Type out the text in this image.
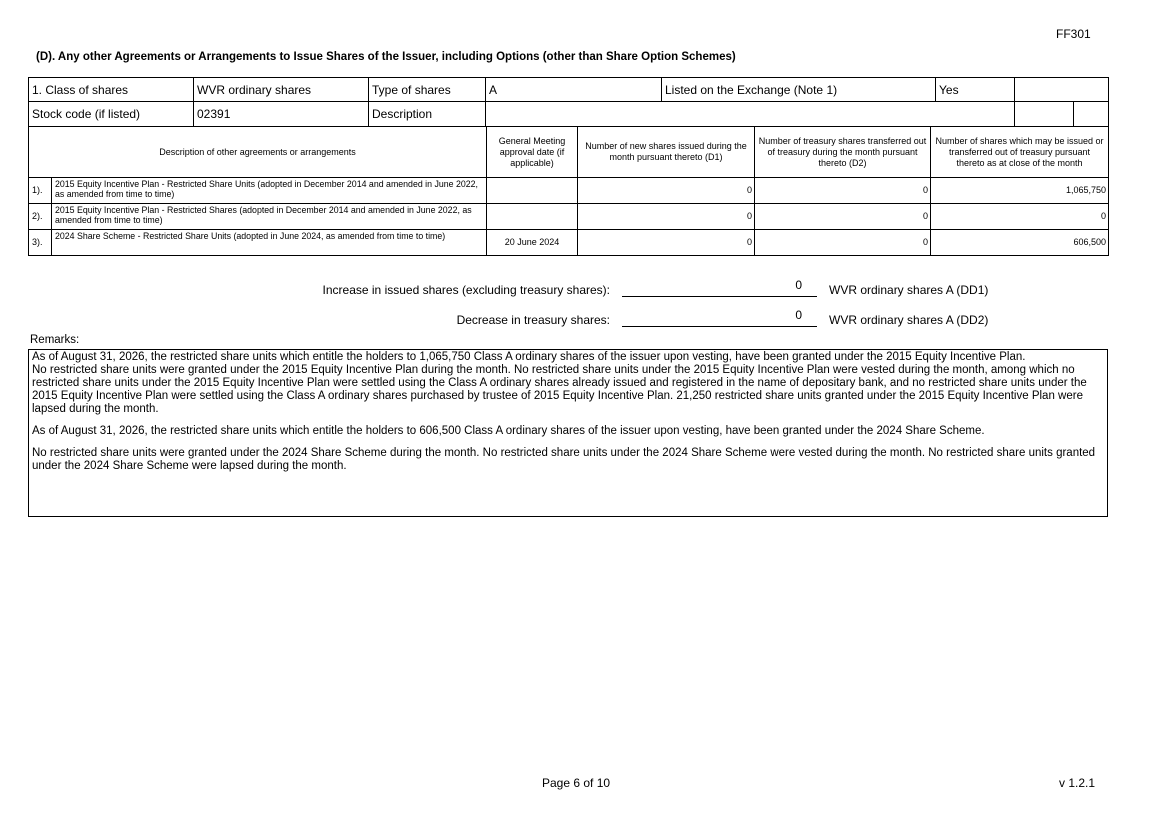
FF301
(D). Any other Agreements or Arrangements to Issue Shares of the Issuer, including Options (other than Share Option Schemes)
1. Class of shares	WVR ordinary shares	Type of shares	A	Listed on the Exchange (Note 1)	Yes	
Stock code (if listed)	02391	Description				
Description of other agreements or arrangements		General Meeting approval date (if applicable)	Number of new shares issued during the month pursuant thereto (D1)	Number of treasury shares transferred out of treasury during the month pursuant thereto (D2)	Number of shares which may be issued or transferred out of treasury pursuant thereto as at close of the month
1).	2015 Equity Incentive Plan - Restricted Share Units (adopted in December 2014 and amended in June 2022, as amended from time to time)		0	0	1,065,750
2).	2015 Equity Incentive Plan - Restricted Shares (adopted in December 2014 and amended in June 2022, as amended from time to time)		0	0	0
3).	2024 Share Scheme - Restricted Share Units (adopted in June 2024, as amended from time to time)	20 June 2024	0	0	606,500
Increase in issued shares (excluding treasury shares):	0 WVR ordinary shares A (DD1)
Decrease in treasury shares:	0 WVR ordinary shares A (DD2)
Remarks:

As of August 31, 2026, the restricted share units which entitle the holders to 1,065,750 Class A ordinary shares of the issuer upon vesting, have been granted under the 2015 Equity Incentive Plan.

No restricted share units were granted under the 2015 Equity Incentive Plan during the month. No restricted share units under the 2015 Equity Incentive Plan were vested during the month, among which no restricted share units under the 2015 Equity Incentive Plan were settled using the Class A ordinary shares already issued and registered in the name of depositary bank, and no restricted share units under the 2015 Equity Incentive Plan were settled using the Class A ordinary shares purchased by trustee of 2015 Equity Incentive Plan. 21,250 restricted share units granted under the 2015 Equity Incentive Plan were lapsed during the month.

As of August 31, 2026, the restricted share units which entitle the holders to 606,500 Class A ordinary shares of the issuer upon vesting, have been granted under the 2024 Share Scheme.

No restricted share units were granted under the 2024 Share Scheme during the month. No restricted share units under the 2024 Share Scheme were vested during the month. No restricted share units granted under the 2024 Share Scheme were lapsed during the month.

Page 6 of 10	v 1.2.1
